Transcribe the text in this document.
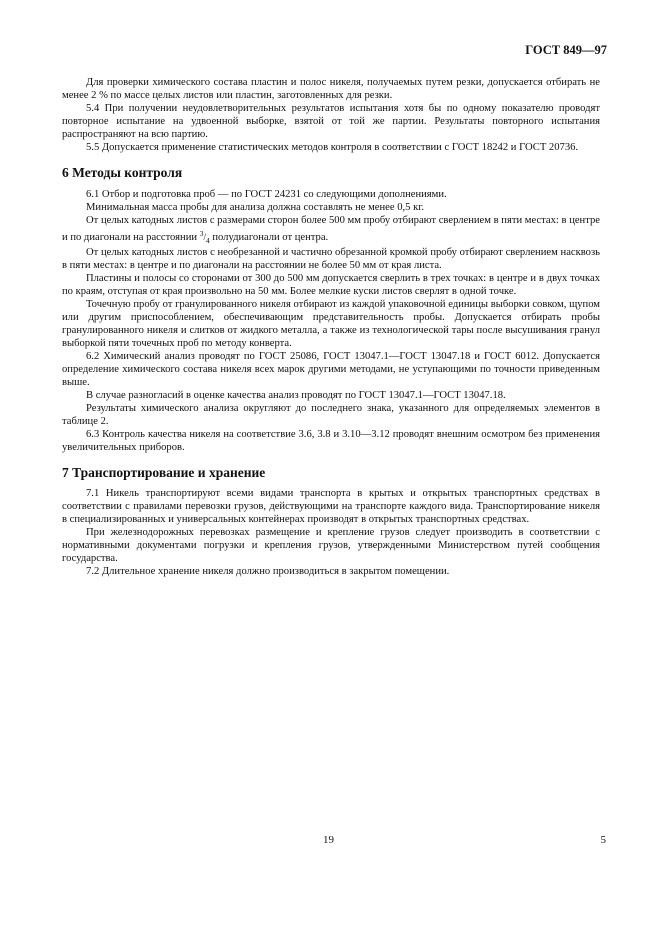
ГОСТ 849—97

Для проверки химического состава пластин и полос никеля, получаемых путем резки, допускается отбирать не менее 2 % по массе целых листов или пластин, заготовленных для резки.

5.4 При получении неудовлетворительных результатов испытания хотя бы по одному показателю проводят повторное испытание на удвоенной выборке, взятой от той же партии. Результаты повторного испытания распространяют на всю партию.

5.5 Допускается применение статистических методов контроля в соответствии с ГОСТ 18242 и ГОСТ 20736.

6 Методы контроля

6.1 Отбор и подготовка проб — по ГОСТ 24231 со следующими дополнениями.

Минимальная масса пробы для анализа должна составлять не менее 0,5 кг.

От целых катодных листов с размерами сторон более 500 мм пробу отбирают сверлением в пяти местах: в центре и по диагонали на расстоянии $^3/_4$ полудиагонали от центра.

От целых катодных листов с необрезанной и частично обрезанной кромкой пробу отбирают сверлением насквозь в пяти местах: в центре и по диагонали на расстоянии не более 50 мм от края листа.

Пластины и полосы со сторонами от 300 до 500 мм допускается сверлить в трех точках: в центре и в двух точках по краям, отступая от края произвольно на 50 мм. Более мелкие куски листов сверлят в одной точке.

Точечную пробу от гранулированного никеля отбирают из каждой упаковочной единицы выборки совком, щупом или другим приспособлением, обеспечивающим представительность пробы. Допускается отбирать пробы гранулированного никеля и слитков от жидкого металла, а также из технологической тары после высушивания гранул выборкой пяти точечных проб по методу конверта.

6.2 Химический анализ проводят по ГОСТ 25086, ГОСТ 13047.1—ГОСТ 13047.18 и ГОСТ 6012. Допускается определение химического состава никеля всех марок другими методами, не уступающими по точности приведенным выше.

В случае разногласий в оценке качества анализ проводят по ГОСТ 13047.1—ГОСТ 13047.18.

Результаты химического анализа округляют до последнего знака, указанного для определяемых элементов в таблице 2.

6.3 Контроль качества никеля на соответствие 3.6, 3.8 и 3.10—3.12 проводят внешним осмотром без применения увеличительных приборов.

7 Транспортирование и хранение

7.1 Никель транспортируют всеми видами транспорта в крытых и открытых транспортных средствах в соответствии с правилами перевозки грузов, действующими на транспорте каждого вида. Транспортирование никеля в специализированных и универсальных контейнерах производят в открытых транспортных средствах.

При железнодорожных перевозках размещение и крепление грузов следует производить в соответствии с нормативными документами погрузки и крепления грузов, утвержденными Министерством путей сообщения государства.

7.2 Длительное хранение никеля должно производиться в закрытом помещении.

19	5
